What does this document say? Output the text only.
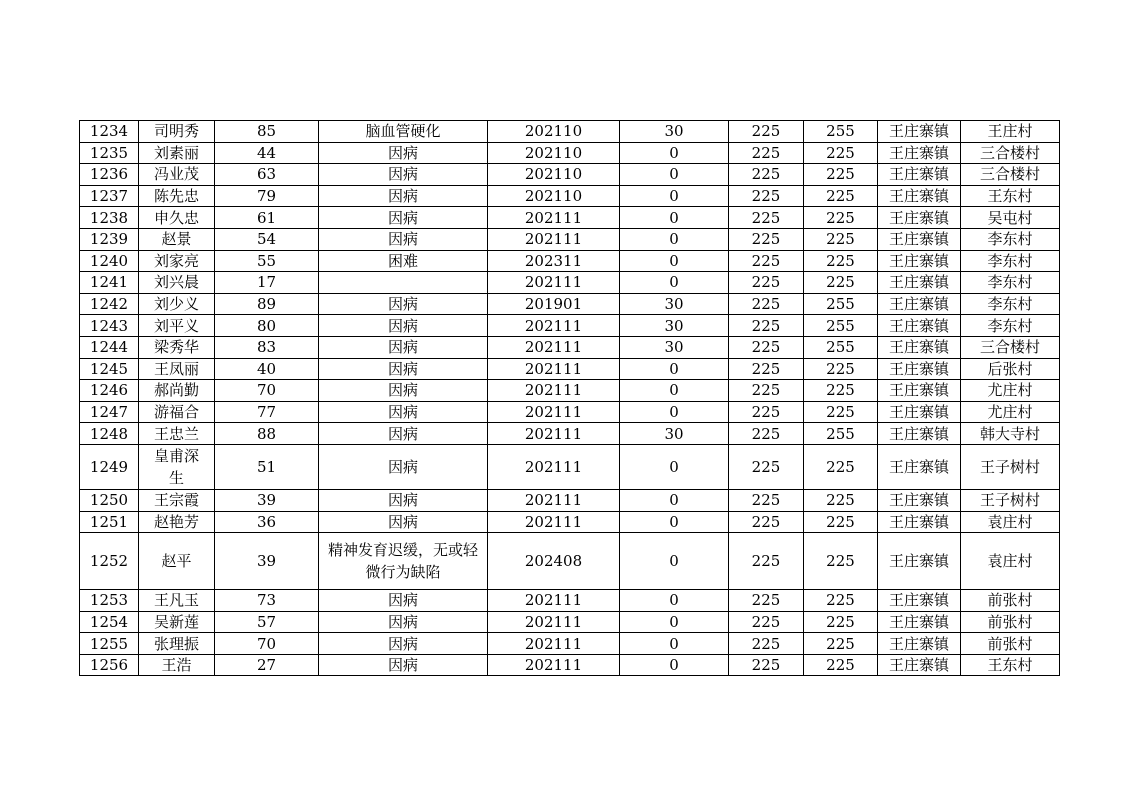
1234	司明秀	85	脑血管硬化	202110	30	225	255	王庄寨镇	王庄村
1235	刘素丽	44	因病	202110	0	225	225	王庄寨镇	三合楼村
1236	冯业茂	63	因病	202110	0	225	225	王庄寨镇	三合楼村
1237	陈先忠	79	因病	202110	0	225	225	王庄寨镇	王东村
1238	申久忠	61	因病	202111	0	225	225	王庄寨镇	吴屯村
1239	赵景	54	因病	202111	0	225	225	王庄寨镇	李东村
1240	刘家亮	55	困难	202311	0	225	225	王庄寨镇	李东村
1241	刘兴晨	17		202111	0	225	225	王庄寨镇	李东村
1242	刘少义	89	因病	201901	30	225	255	王庄寨镇	李东村
1243	刘平义	80	因病	202111	30	225	255	王庄寨镇	李东村
1244	梁秀华	83	因病	202111	30	225	255	王庄寨镇	三合楼村
1245	王凤丽	40	因病	202111	0	225	225	王庄寨镇	后张村
1246	郝尚勤	70	因病	202111	0	225	225	王庄寨镇	尤庄村
1247	游福合	77	因病	202111	0	225	225	王庄寨镇	尤庄村
1248	王忠兰	88	因病	202111	30	225	255	王庄寨镇	韩大寺村
1249	皇甫深生	51	因病	202111	0	225	225	王庄寨镇	王子树村
1250	王宗霞	39	因病	202111	0	225	225	王庄寨镇	王子树村
1251	赵艳芳	36	因病	202111	0	225	225	王庄寨镇	袁庄村
1252	赵平	39	精神发育迟缓，无或轻微行为缺陷	202408	0	225	225	王庄寨镇	袁庄村
1253	王凡玉	73	因病	202111	0	225	225	王庄寨镇	前张村
1254	吴新莲	57	因病	202111	0	225	225	王庄寨镇	前张村
1255	张理振	70	因病	202111	0	225	225	王庄寨镇	前张村
1256	王浩	27	因病	202111	0	225	225	王庄寨镇	王东村
